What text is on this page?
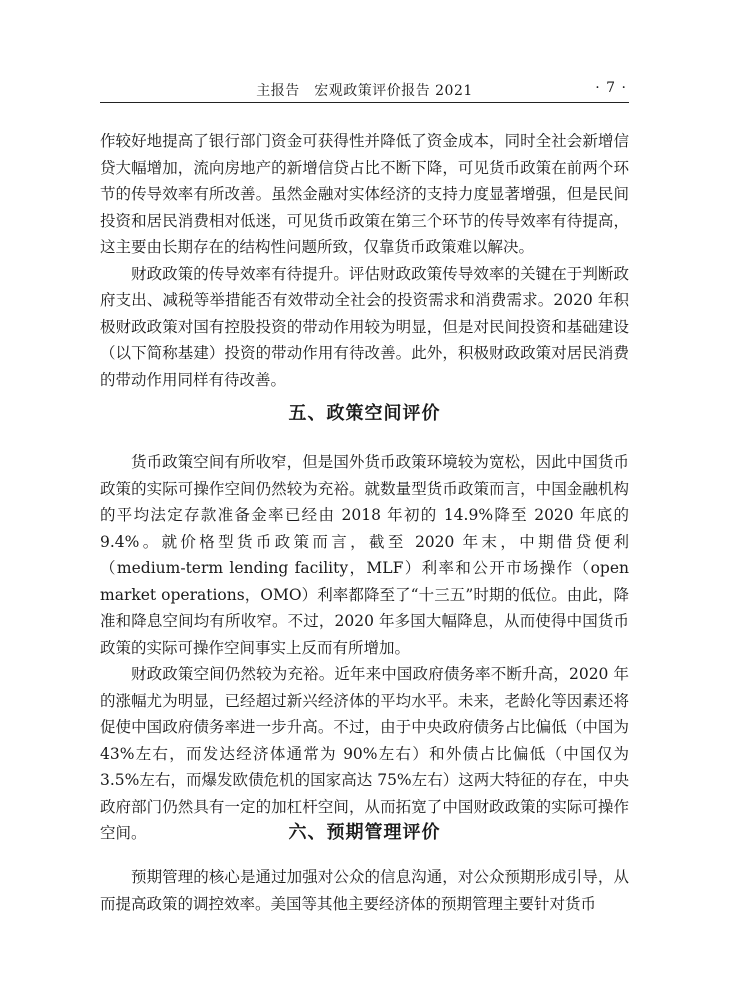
主报告　宏观政策评价报告 2021	· 7 ·

作较好地提高了银行部门资金可获得性并降低了资金成本，同时全社会新增信贷大幅增加，流向房地产的新增信贷占比不断下降，可见货币政策在前两个环节的传导效率有所改善。虽然金融对实体经济的支持力度显著增强，但是民间投资和居民消费相对低迷，可见货币政策在第三个环节的传导效率有待提高，这主要由长期存在的结构性问题所致，仅靠货币政策难以解决。

财政政策的传导效率有待提升。评估财政政策传导效率的关键在于判断政府支出、减税等举措能否有效带动全社会的投资需求和消费需求。2020 年积极财政政策对国有控股投资的带动作用较为明显，但是对民间投资和基础建设（以下简称基建）投资的带动作用有待改善。此外，积极财政政策对居民消费的带动作用同样有待改善。

五、政策空间评价

货币政策空间有所收窄，但是国外货币政策环境较为宽松，因此中国货币政策的实际可操作空间仍然较为充裕。就数量型货币政策而言，中国金融机构的平均法定存款准备金率已经由 2018 年初的 14.9%降至 2020 年底的 9.4%。就价格型货币政策而言，截至 2020 年末，中期借贷便利（medium-term lending facility，MLF）利率和公开市场操作（open market operations，OMO）利率都降至了“十三五”时期的低位。由此，降准和降息空间均有所收窄。不过，2020 年多国大幅降息，从而使得中国货币政策的实际可操作空间事实上反而有所增加。

财政政策空间仍然较为充裕。近年来中国政府债务率不断升高，2020 年的涨幅尤为明显，已经超过新兴经济体的平均水平。未来，老龄化等因素还将促使中国政府债务率进一步升高。不过，由于中央政府债务占比偏低（中国为 43%左右，而发达经济体通常为 90%左右）和外债占比偏低（中国仅为 3.5%左右，而爆发欧债危机的国家高达 75%左右）这两大特征的存在，中央政府部门仍然具有一定的加杠杆空间，从而拓宽了中国财政政策的实际可操作空间。	六、预期管理评价

预期管理的核心是通过加强对公众的信息沟通，对公众预期形成引导，从而提高政策的调控效率。美国等其他主要经济体的预期管理主要针对货币
